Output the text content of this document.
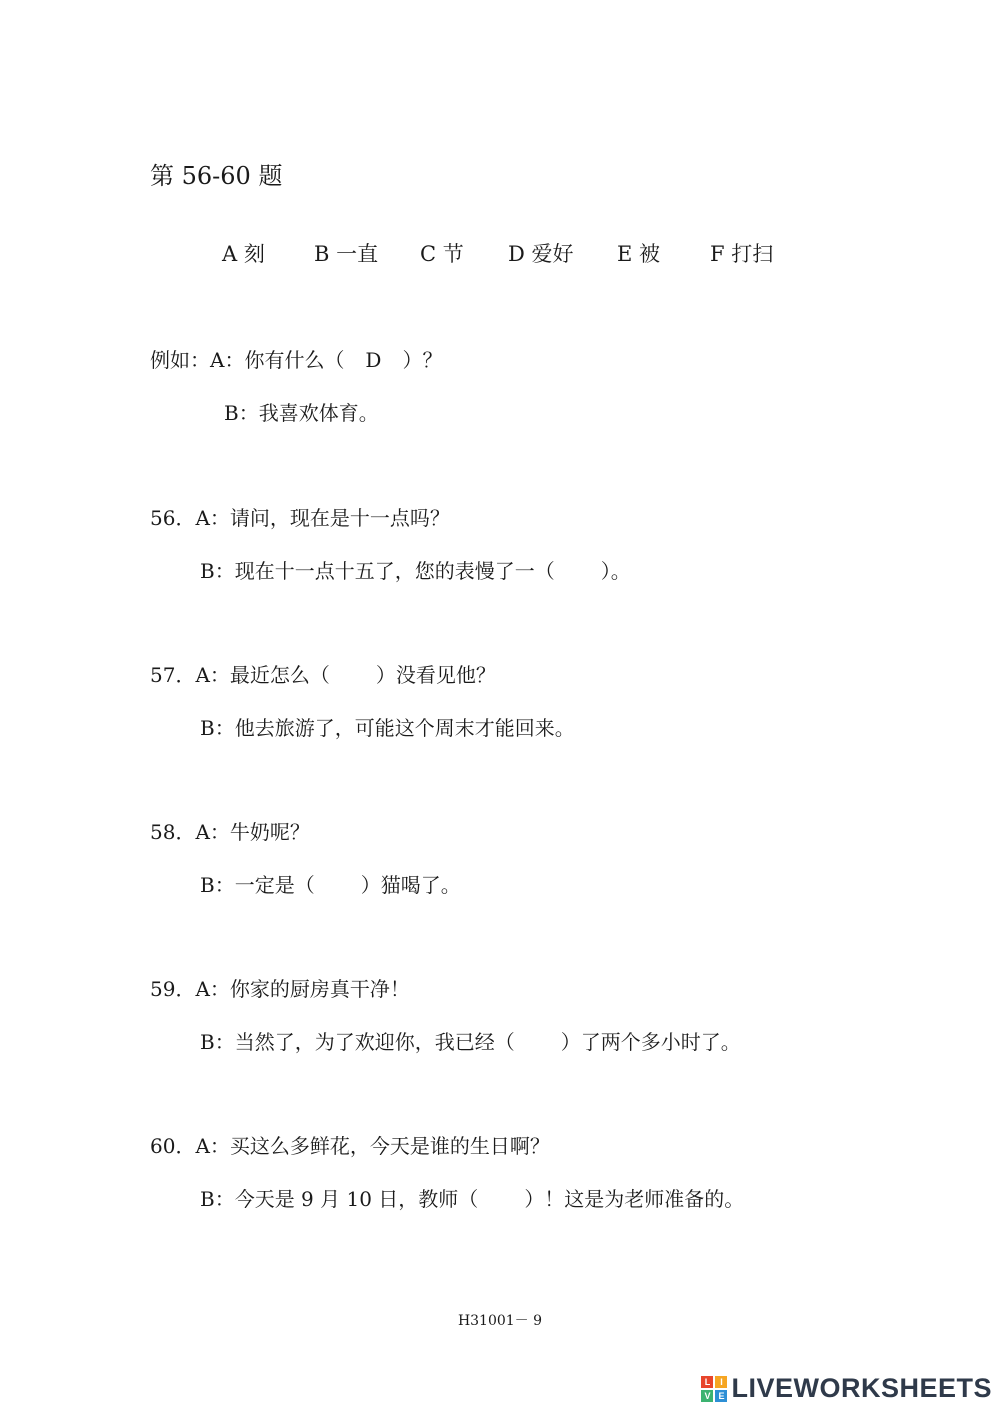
第 56-60 题
A 刻 B 一直 C 节 D 爱好 E 被 F 打扫
例如：A：你有什么（ D ）？
B：我喜欢体育。
56．A：请问，现在是十一点吗？
B：现在十一点十五了，您的表慢了一（ ）。
57．A：最近怎么（ ）没看见他？
B：他去旅游了，可能这个周末才能回来。
58．A：牛奶呢？
B：一定是（ ）猫喝了。
59．A：你家的厨房真干净！
B：当然了，为了欢迎你，我已经（ ）了两个多小时了。
60．A：买这么多鲜花，今天是谁的生日啊？
B：今天是 9 月 10 日，教师（ ）！这是为老师准备的。
H31001－ 9
L	I
V E LIVEWORKSHEETS
